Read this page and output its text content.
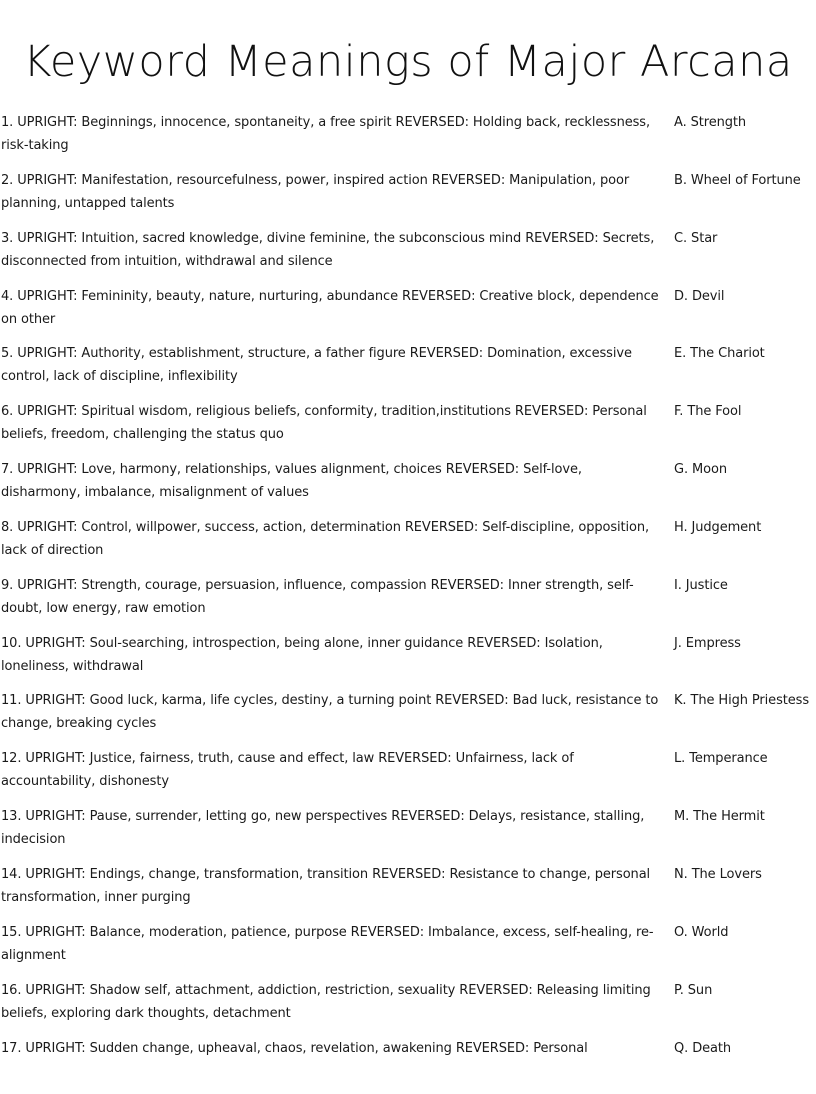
Keyword Meanings of Major Arcana
1. UPRIGHT: Beginnings, innocence, spontaneity, a free spirit REVERSED: Holding back, recklessness, risk-taking
A. Strength
2. UPRIGHT: Manifestation, resourcefulness, power, inspired action REVERSED: Manipulation, poor planning, untapped talents
B. Wheel of Fortune
3. UPRIGHT: Intuition, sacred knowledge, divine feminine, the subconscious mind REVERSED: Secrets, disconnected from intuition, withdrawal and silence
C. Star
4. UPRIGHT: Femininity, beauty, nature, nurturing, abundance REVERSED: Creative block, dependence on other
D. Devil
5. UPRIGHT: Authority, establishment, structure, a father figure REVERSED: Domination, excessive control, lack of discipline, inflexibility
E. The Chariot
6. UPRIGHT: Spiritual wisdom, religious beliefs, conformity, tradition,institutions REVERSED: Personal beliefs, freedom, challenging the status quo
F. The Fool
7. UPRIGHT: Love, harmony, relationships, values alignment, choices REVERSED: Self-love, disharmony, imbalance, misalignment of values
G. Moon
8. UPRIGHT: Control, willpower, success, action, determination REVERSED: Self-discipline, opposition, lack of direction
H. Judgement
9. UPRIGHT: Strength, courage, persuasion, influence, compassion REVERSED: Inner strength, self-doubt, low energy, raw emotion
I. Justice
10. UPRIGHT: Soul-searching, introspection, being alone, inner guidance REVERSED: Isolation, loneliness, withdrawal
J. Empress
11. UPRIGHT: Good luck, karma, life cycles, destiny, a turning point REVERSED: Bad luck, resistance to change, breaking cycles
K. The High Priestess
12. UPRIGHT: Justice, fairness, truth, cause and effect, law REVERSED: Unfairness, lack of accountability, dishonesty
L. Temperance
13. UPRIGHT: Pause, surrender, letting go, new perspectives REVERSED: Delays, resistance, stalling, indecision
M. The Hermit
14. UPRIGHT: Endings, change, transformation, transition REVERSED: Resistance to change, personal transformation, inner purging
N. The Lovers
15. UPRIGHT: Balance, moderation, patience, purpose REVERSED: Imbalance, excess, self-healing, re-alignment
O. World
16. UPRIGHT: Shadow self, attachment, addiction, restriction, sexuality REVERSED: Releasing limiting beliefs, exploring dark thoughts, detachment
P. Sun
17. UPRIGHT: Sudden change, upheaval, chaos, revelation, awakening REVERSED: Personal	Q. Death
